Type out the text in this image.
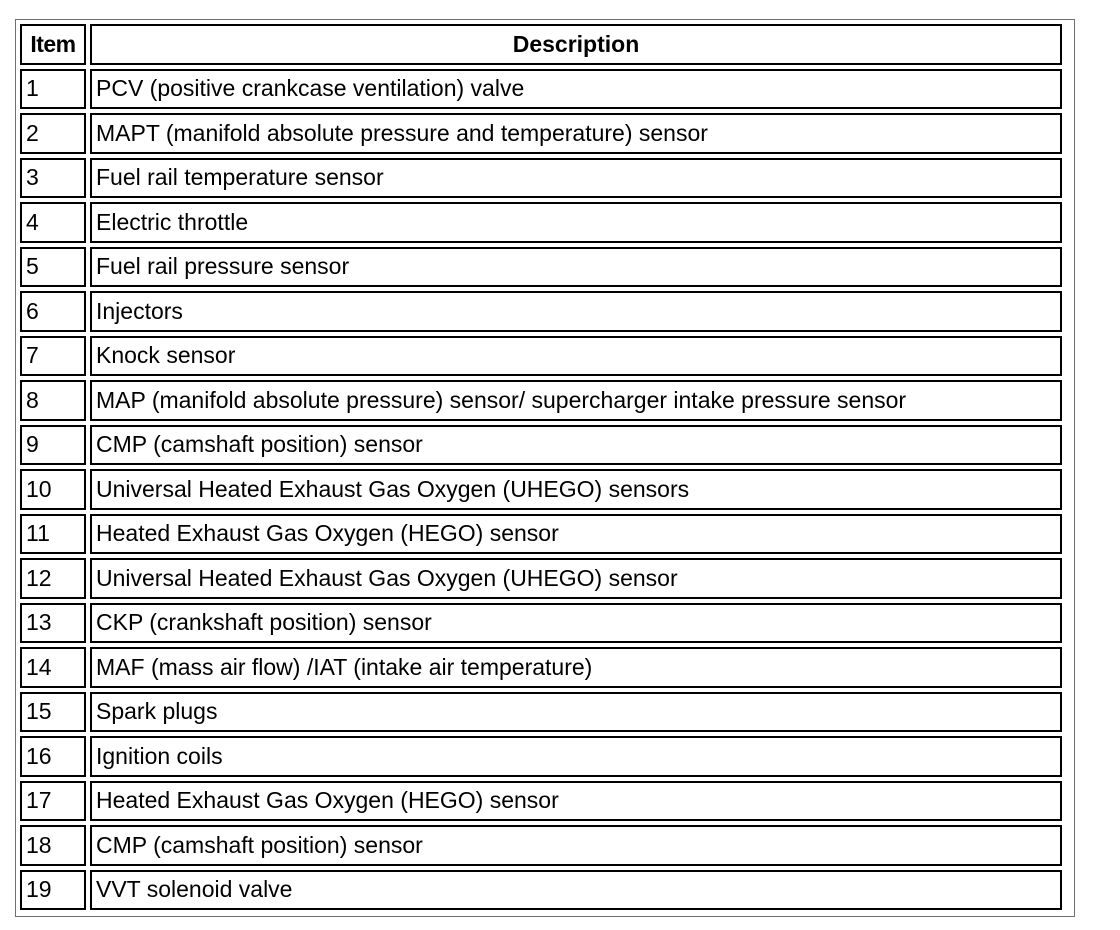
Item	Description
1	PCV (positive crankcase ventilation) valve
2	MAPT (manifold absolute pressure and temperature) sensor
3	Fuel rail temperature sensor
4	Electric throttle
5	Fuel rail pressure sensor
6	Injectors
7	Knock sensor
8	MAP (manifold absolute pressure) sensor/ supercharger intake pressure sensor
9	CMP (camshaft position) sensor
10	Universal Heated Exhaust Gas Oxygen (UHEGO) sensors
11	Heated Exhaust Gas Oxygen (HEGO) sensor
12	Universal Heated Exhaust Gas Oxygen (UHEGO) sensor
13	CKP (crankshaft position) sensor
14	MAF (mass air flow) /IAT (intake air temperature)
15	Spark plugs
16	Ignition coils
17	Heated Exhaust Gas Oxygen (HEGO) sensor
18	CMP (camshaft position) sensor
19	VVT solenoid valve
